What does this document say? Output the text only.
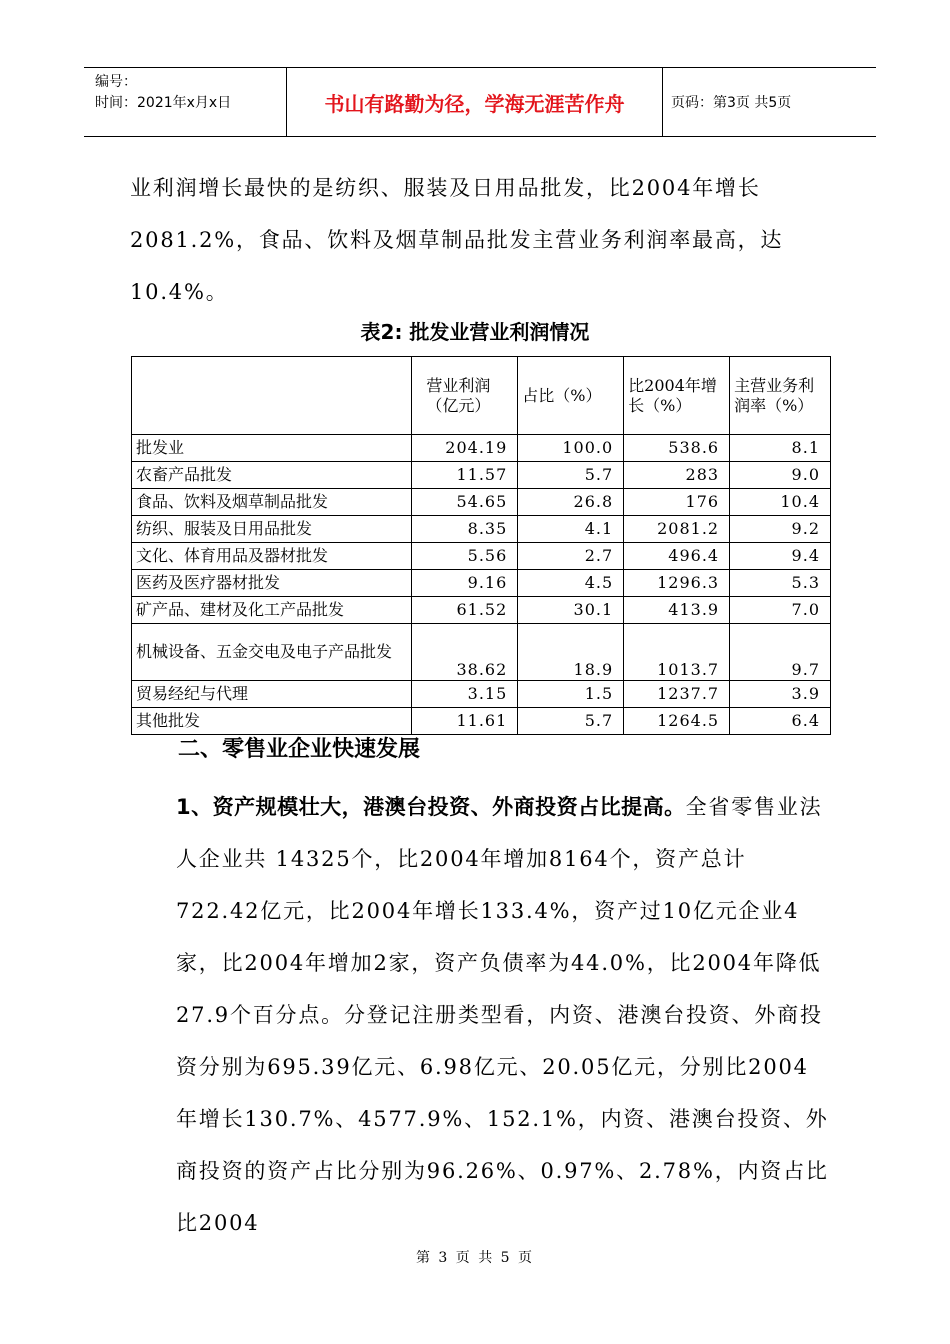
编号：
时间：2021年x月x日	书山有路勤为径，学海无涯苦作舟	页码：第3页 共5页
业利润增长最快的是纺织、服装及日用品批发，比2004年增长
2081.2%，食品、饮料及烟草制品批发主营业务利润率最高，达
10.4%。
表2: 批发业营业利润情况
	营业利润（亿元）	占比（%）	比2004年增长（%）	主营业务利润率（%）
批发业	204.19	100.0	538.6	8.1
农畜产品批发	11.57	5.7	283	9.0
食品、饮料及烟草制品批发	54.65	26.8	176	10.4
纺织、服装及日用品批发	8.35	4.1	2081.2	9.2
文化、体育用品及器材批发	5.56	2.7	496.4	9.4
医药及医疗器材批发	9.16	4.5	1296.3	5.3
矿产品、建材及化工产品批发	61.52	30.1	413.9	7.0
机械设备、五金交电及电子产品批发	38.62	18.9	1013.7	9.7
贸易经纪与代理	3.15	1.5	1237.7	3.9
其他批发	11.61	5.7	1264.5	6.4
二、零售业企业快速发展
1、资产规模壮大，港澳台投资、外商投资占比提高。全省零售业法人企业共 14325个，比2004年增加8164个，资产总计722.42亿元，比2004年增长133.4%，资产过10亿元企业4家，比2004年增加2家，资产负债率为44.0%，比2004年降低27.9个百分点。分登记注册类型看，内资、港澳台投资、外商投资分别为695.39亿元、6.98亿元、20.05亿元，分别比2004年增长130.7%、4577.9%、152.1%，内资、港澳台投资、外商投资的资产占比分别为96.26%、0.97%、2.78%，内资占比比2004
第 3 页 共 5 页
